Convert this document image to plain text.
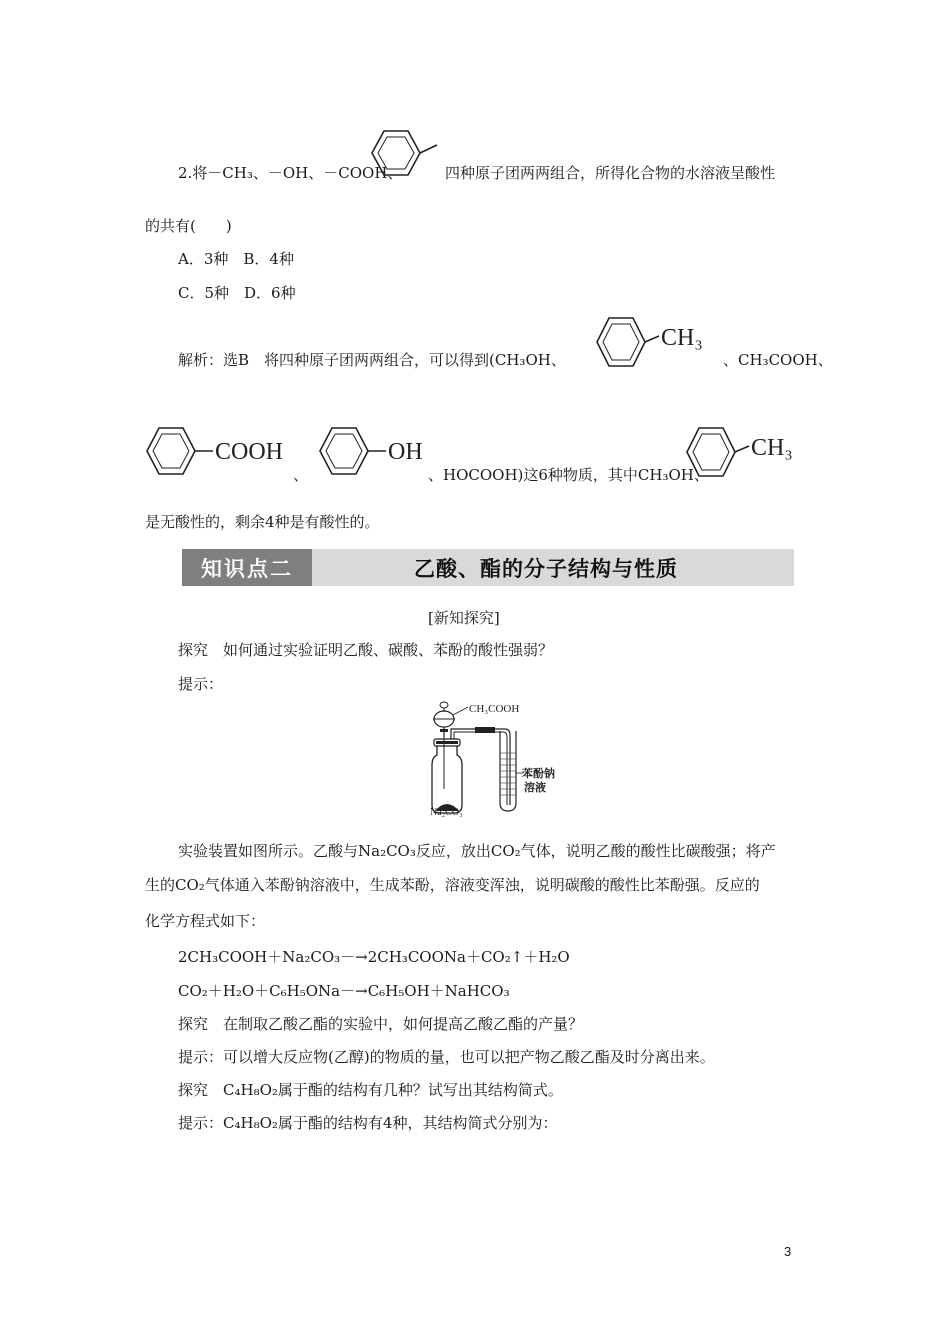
2.将－CH₃、－OH、－COOH、	四种原子团两两组合，所得化合物的水溶液呈酸性
的共有(　　)
A．3种　B．4种
C．5种　D．6种
解析：选B　将四种原子团两两组合，可以得到(CH₃OH、
CH₃
、CH₃COOH、
COOH
、
OH
、HOCOOH)这6种物质，其中CH₃OH、
CH₃
是无酸性的，剩余4种是有酸性的。
知识点二	乙酸、酯的分子结构与性质
[新知探究]
探究　如何通过实验证明乙酸、碳酸、苯酚的酸性强弱？
提示：
CH₃COOH
Na₂CO₃
苯酚钠
溶液
实验装置如图所示。乙酸与Na₂CO₃反应，放出CO₂气体，说明乙酸的酸性比碳酸强；将产
生的CO₂气体通入苯酚钠溶液中，生成苯酚，溶液变浑浊，说明碳酸的酸性比苯酚强。反应的
化学方程式如下：
2CH₃COOH＋Na₂CO₃－→2CH₃COONa＋CO₂↑＋H₂O
CO₂＋H₂O＋C₆H₅ONa－→C₆H₅OH＋NaHCO₃
探究　在制取乙酸乙酯的实验中，如何提高乙酸乙酯的产量？
提示：可以增大反应物(乙醇)的物质的量，也可以把产物乙酸乙酯及时分离出来。
探究　C₄H₈O₂属于酯的结构有几种？试写出其结构简式。
提示：C₄H₈O₂属于酯的结构有4种，其结构简式分别为：
3
